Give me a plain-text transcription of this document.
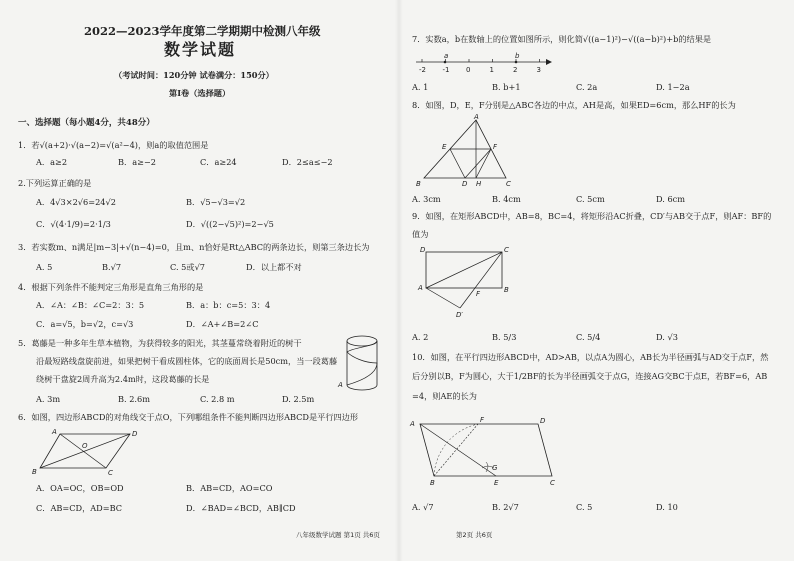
2022—2023学年度第二学期期中检测八年级
数学试题
（考试时间：120分钟 试卷满分：150分）
第I卷（选择题）
一、选择题（每小题4分，共48分）
1．若√(a+2)·√(a−2)=√(a²−4)，则a的取值范围是
A．a≥2	B．a≥−2	C．a≥24	D．2≤a≤−2
2.下列运算正确的是
A．4√3×2√6=24√2	B．√5−√3=√2
C．√(4·1/9)=2·1/3	D．√((2−√5)²)=2−√5
3．若实数m、n满足|m−3|+√(n−4)=0，且m、n恰好是Rt△ABC的两条边长，则第三条边长为
A. 5	B.√7	C. 5或√7	D．以上都不对
4．根据下列条件不能判定三角形是直角三角形的是
A．∠A：∠B：∠C=2：3：5	B．a：b：c=5：3：4
C．a=√5，b=√2，c=√3	D．∠A+∠B=2∠C
5．葛藤是一种多年生草本植物，为获得较多的阳光，其茎蔓常绕着附近的树干
沿最短路线盘旋前进，如果把树干看成圆柱体，它的底面周长是50cm，当一段葛藤
绕树干盘旋2周升高为2.4m时，这段葛藤的长是
A. 3m	B. 2.6m	C. 2.8 m	D. 2.5m
A
6．如图，四边形ABCD的对角线交于点O，下列哪组条件不能判断四边形ABCD是平行四边形
A	D
B	C
O
A．OA=OC，OB=OD	B．AB=CD，AO=CO
C．AB=CD，AD=BC	D．∠BAD=∠BCD，AB∥CD
八年级数学试题 第1页 共6页
7．实数a，b在数轴上的位置如图所示，则化简√((a−1)²)−√((a−b)²)+b的结果是
-2 -1 0	1	2	3
a	b
A. 1	B. b+1	C. 2a	D. 1−2a
8．如图，D，E，F分别是△ABC各边的中点，AH是高，如果ED=6cm，那么HF的长为
A
E	F
B	D H	C
A. 3cm	B. 4cm	C. 5cm	D. 6cm
9．如图，在矩形ABCD中，AB=8，BC=4，将矩形沿AC折叠，CD′与AB交于点F，则AF：BF的
值为
D	C
A	B
F
D′
A. 2	B. 5/3	C. 5/4	D. √3
10．如图，在平行四边形ABCD中，AD>AB，以点A为圆心，AB长为半径画弧与AD交于点F，然
后分别以B，F为圆心，大于1/2BF的长为半径画弧交于点G，连接AG交BC于点E，若BF=6，AB
=4，则AE的长为
A	F	D
G
B	E	C
A. √7	B. 2√7	C. 5	D. 10
第2页 共6页
